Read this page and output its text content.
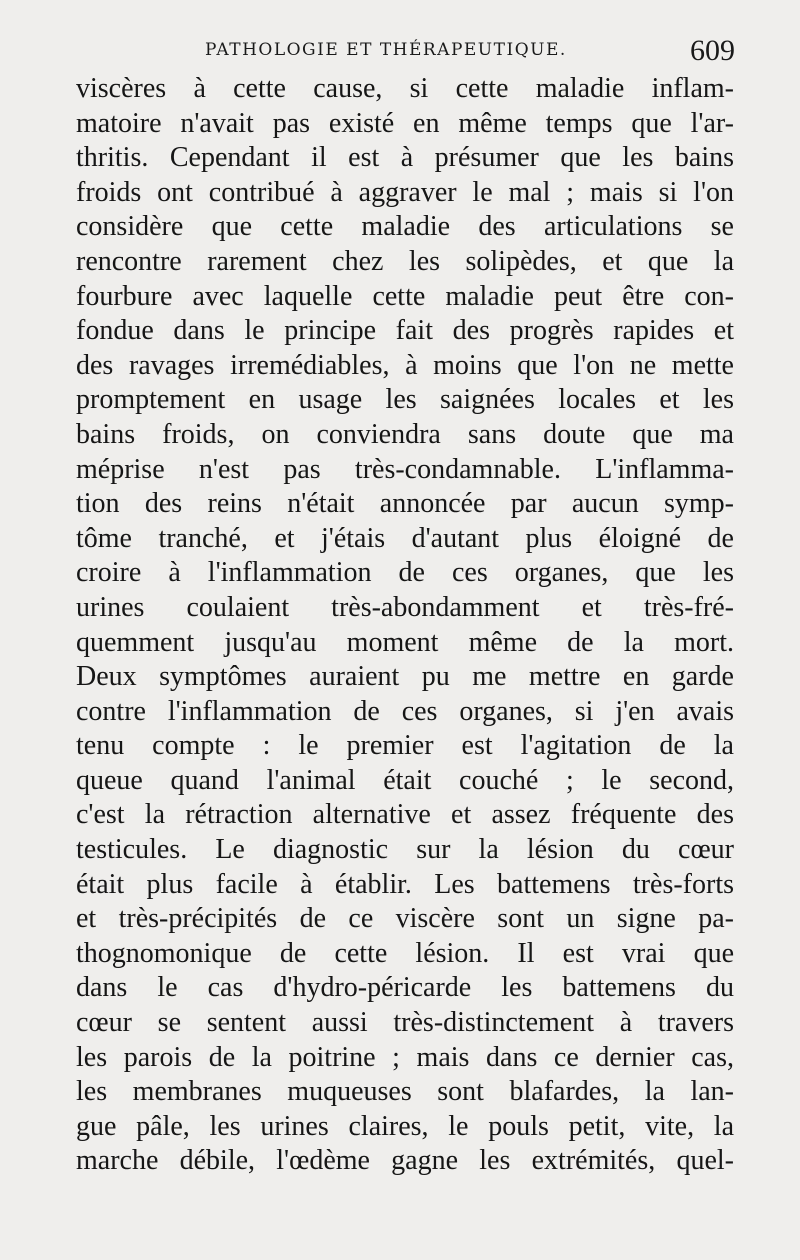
PATHOLOGIE ET THÉRAPEUTIQUE.	609
viscères à cette cause, si cette maladie inflam-
matoire n'avait pas existé en même temps que l'ar-
thritis. Cependant il est à présumer que les bains
froids ont contribué à aggraver le mal ; mais si l'on
considère que cette maladie des articulations se
rencontre rarement chez les solipèdes, et que la
fourbure avec laquelle cette maladie peut être con-
fondue dans le principe fait des progrès rapides et
des ravages irremédiables, à moins que l'on ne mette
promptement en usage les saignées locales et les
bains froids, on conviendra sans doute que ma
méprise n'est pas très-condamnable. L'inflamma-
tion des reins n'était annoncée par aucun symp-
tôme tranché, et j'étais d'autant plus éloigné de
croire à l'inflammation de ces organes, que les
urines coulaient très-abondamment et très-fré-
quemment jusqu'au moment même de la mort.
Deux symptômes auraient pu me mettre en garde
contre l'inflammation de ces organes, si j'en avais
tenu compte : le premier est l'agitation de la
queue quand l'animal était couché ; le second,
c'est la rétraction alternative et assez fréquente des
testicules. Le diagnostic sur la lésion du cœur
était plus facile à établir. Les battemens très-forts
et très-précipités de ce viscère sont un signe pa-
thognomonique de cette lésion. Il est vrai que
dans le cas d'hydro-péricarde les battemens du
cœur se sentent aussi très-distinctement à travers
les parois de la poitrine ; mais dans ce dernier cas,
les membranes muqueuses sont blafardes, la lan-
gue pâle, les urines claires, le pouls petit, vite, la
marche débile, l'œdème gagne les extrémités, quel-
